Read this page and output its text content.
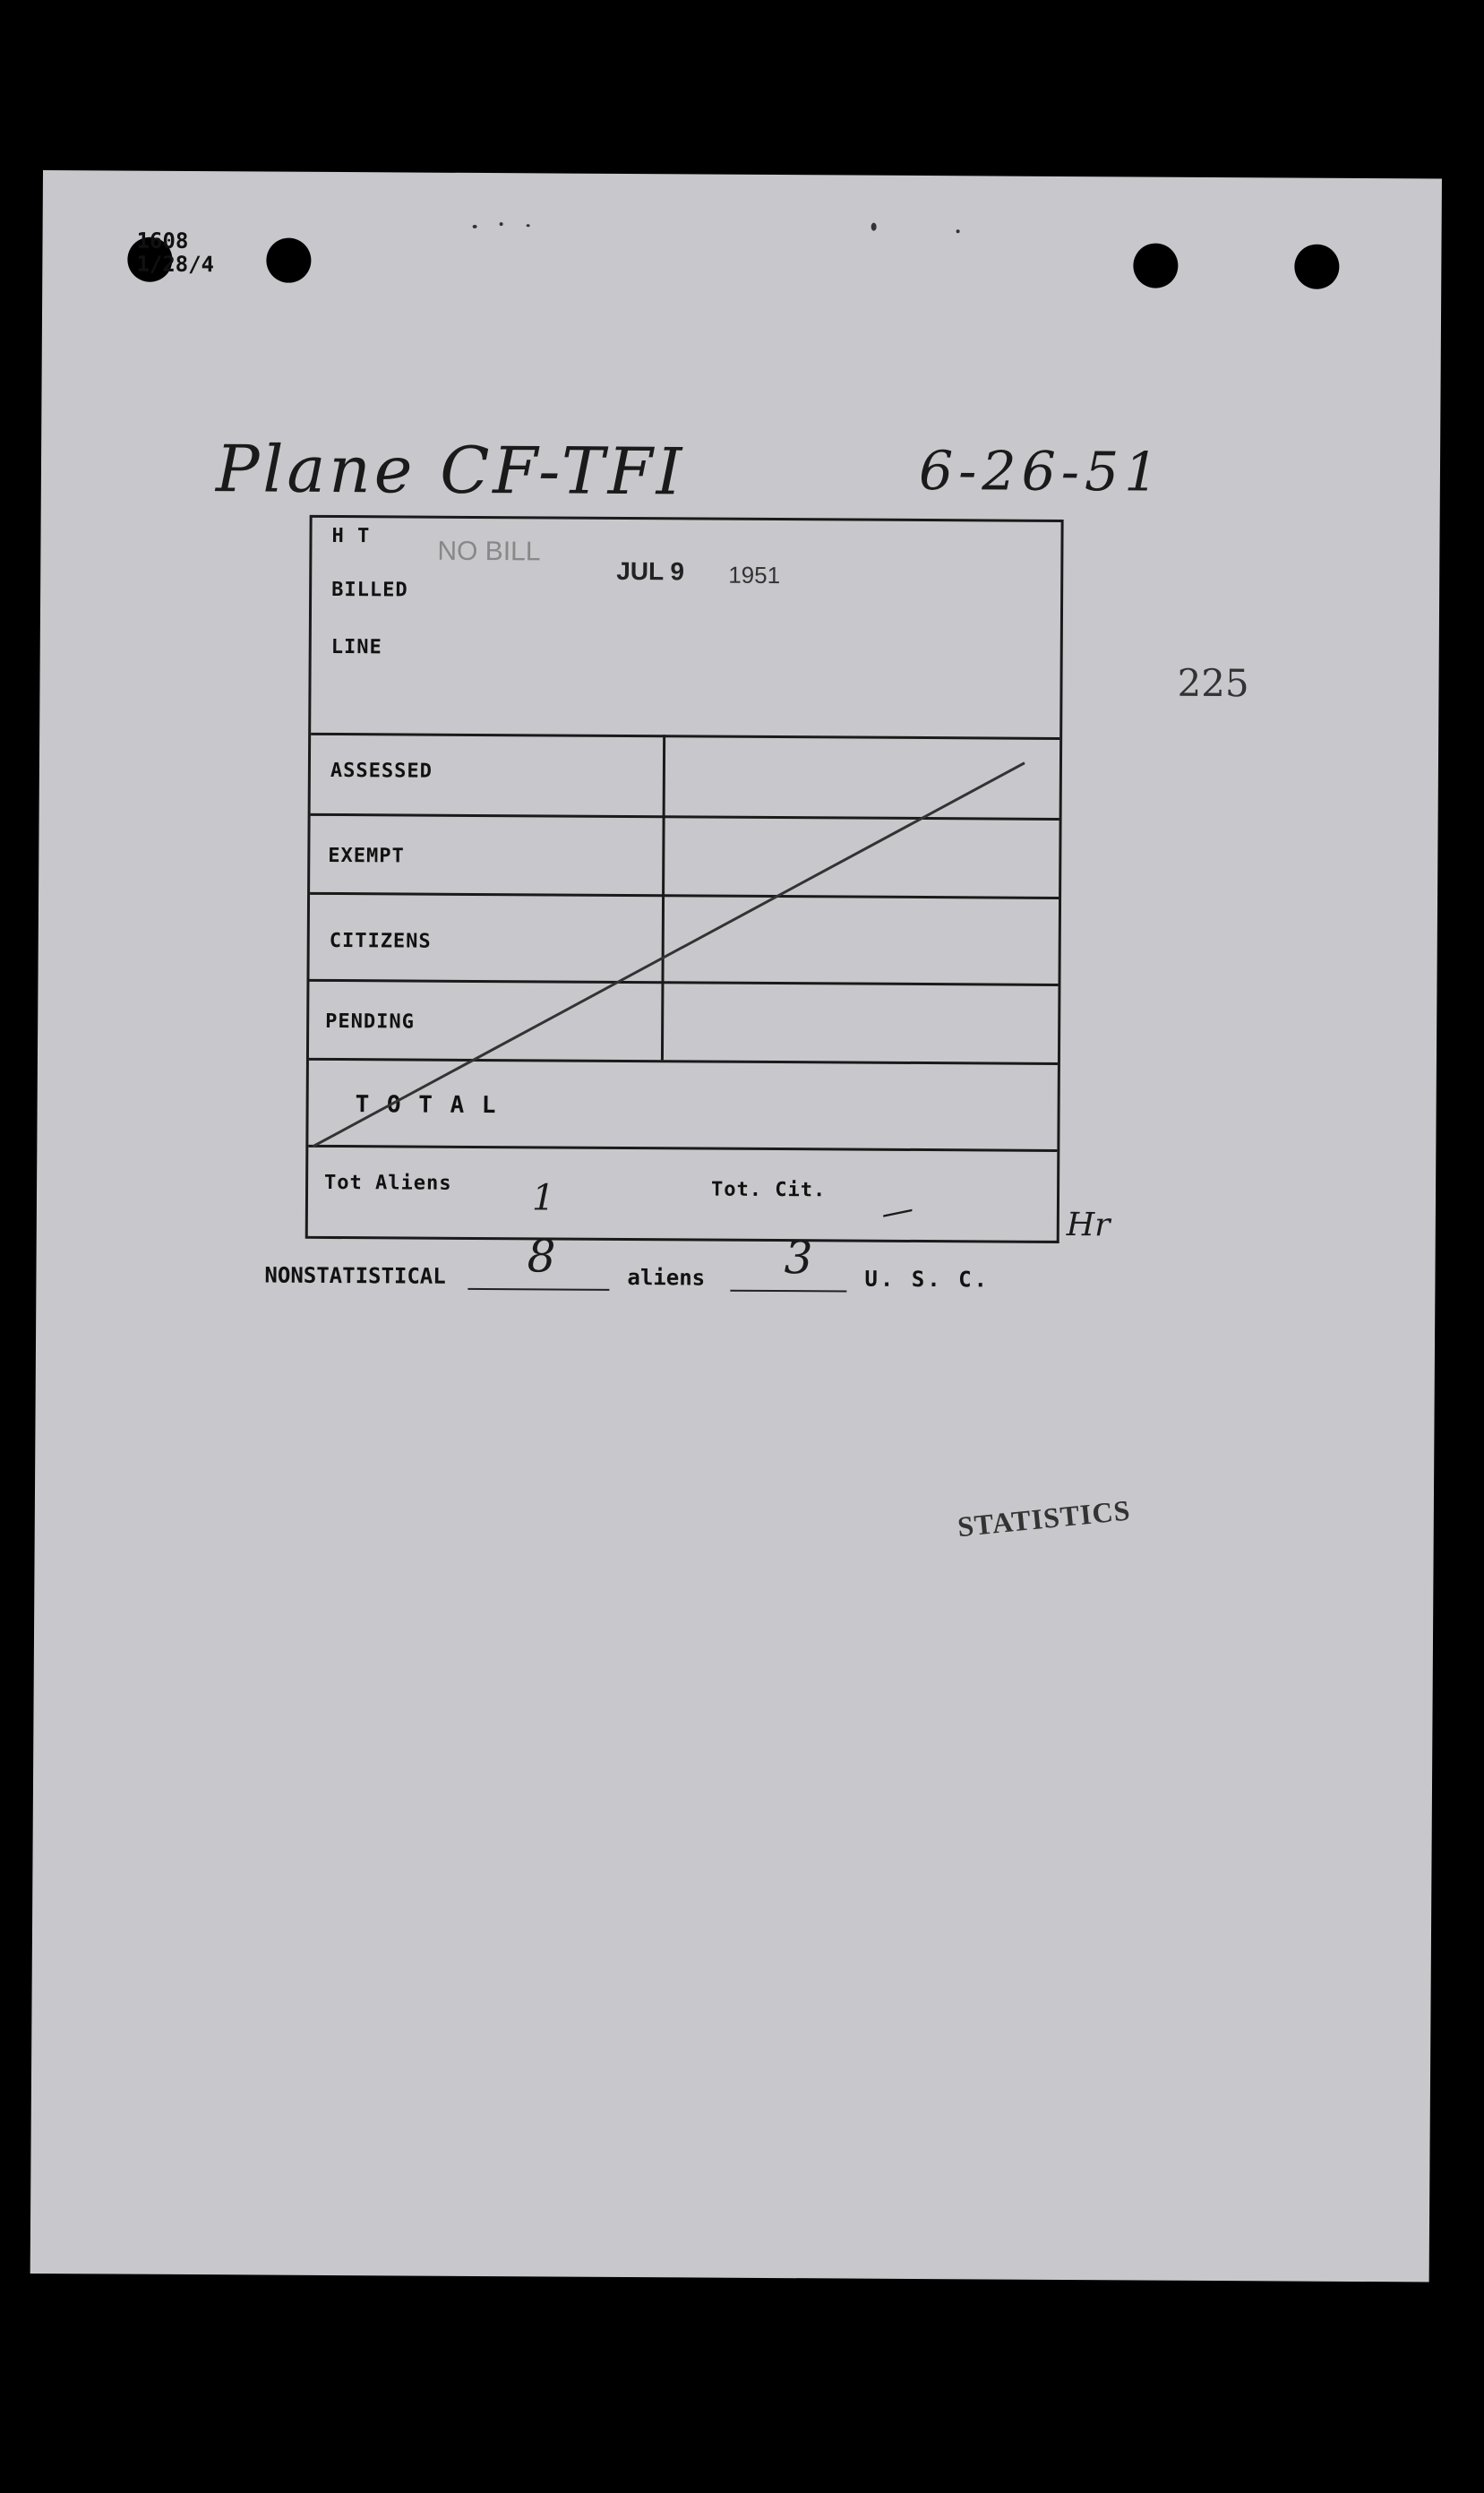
1608
1/28/4
Plane CF-TFI	6-26-51
225
H T
BILLED
LINE
NO BILL
JUL 9 1951
ASSESSED
EXEMPT
CITIZENS
PENDING
T O T A L
Tot Aliens	Tot. Cit.
1	—	Hr
NONSTATISTICAL 8	aliens 3 U. S. C.
STATISTICS
